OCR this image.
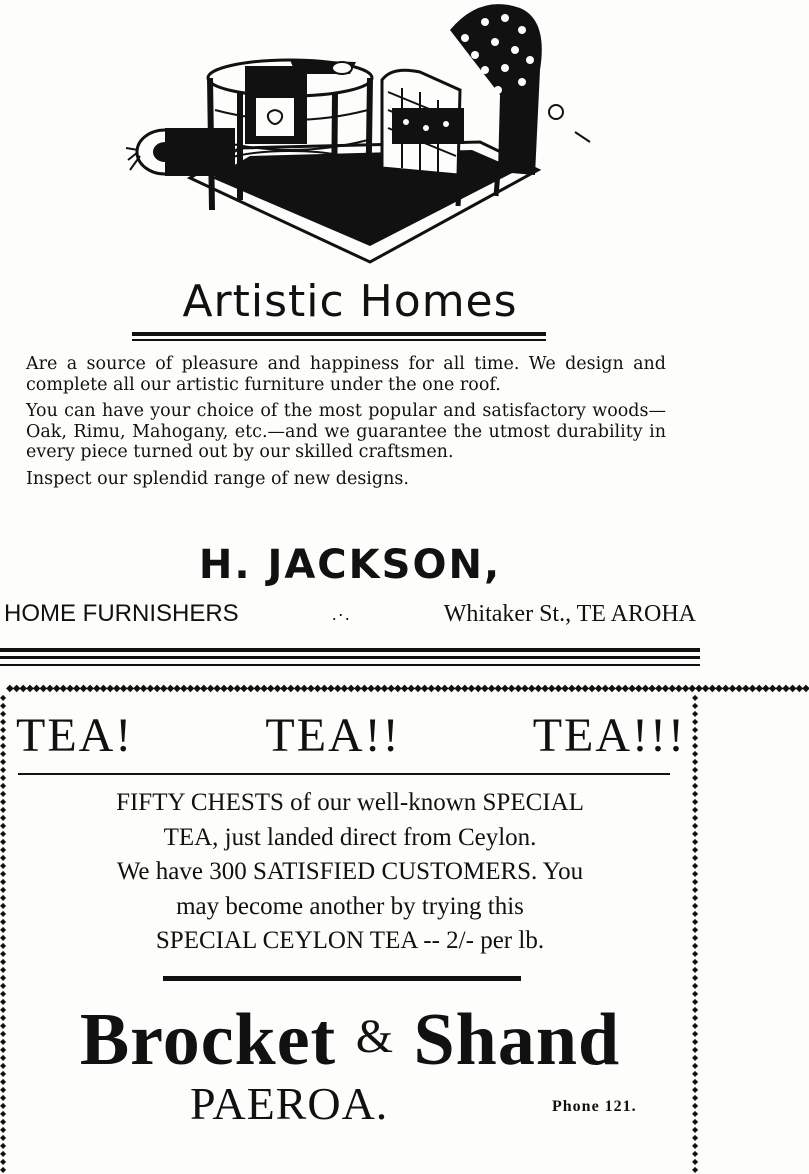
Artistic Homes

Are a source of pleasure and happiness for all time. We design and complete all our artistic furniture under the one roof.

You can have your choice of the most popular and satisfactory woods—Oak, Rimu, Mahogany, etc.—and we guarantee the utmost durability in every piece turned out by our skilled craftsmen.

Inspect our splendid range of new designs.

H. JACKSON,
HOME FURNISHERS	.·.	Whitaker St., TE AROHA
◆◆◆◆◆◆◆◆◆◆◆◆◆◆◆◆◆◆◆◆◆◆◆◆◆◆◆◆◆◆◆◆◆◆◆◆◆◆◆◆◆◆◆◆◆◆◆◆◆◆◆◆◆◆◆◆◆◆◆◆◆◆◆◆◆◆◆◆◆◆◆◆◆◆◆◆◆◆◆◆◆◆◆◆◆◆◆◆◆◆◆◆◆◆◆◆◆◆◆◆◆◆◆◆◆◆◆◆◆◆◆◆◆◆◆◆◆◆◆◆
◆◆◆◆◆◆◆◆◆◆◆◆◆◆◆◆◆◆◆◆◆◆◆◆◆◆◆◆◆◆◆◆◆◆◆◆◆◆◆◆◆◆◆◆◆◆◆◆◆◆◆◆◆◆◆◆◆◆◆◆
◆◆◆◆◆◆◆◆◆◆◆◆◆◆◆◆◆◆◆◆◆◆◆◆◆◆◆◆◆◆◆◆◆◆◆◆◆◆◆◆◆◆◆◆◆◆◆◆◆◆◆◆◆◆◆◆◆◆◆◆
TEA!	TEA!!	TEA!!!
FIFTY CHESTS of our well-known SPECIAL
TEA, just landed direct from Ceylon.
We have 300 SATISFIED CUSTOMERS. You
may become another by trying this
SPECIAL CEYLON TEA -- 2/- per lb.
Brocket & Shand
PAEROA.	Phone 121.
